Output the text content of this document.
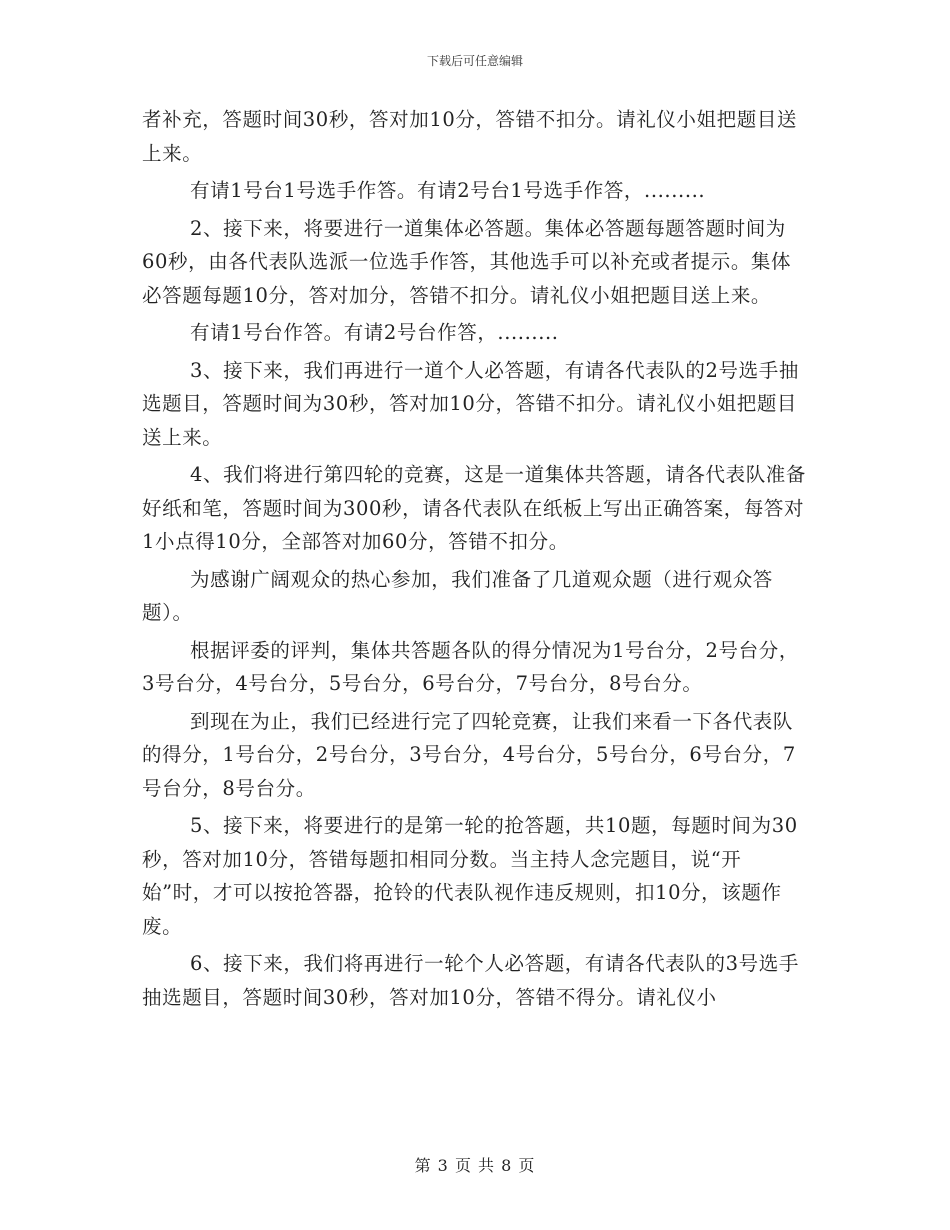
下载后可任意编辑

者补充，答题时间30秒，答对加10分，答错不扣分。请礼仪小姐把题目送上来。

有请1号台1号选手作答。有请2号台1号选手作答，.........

2、接下来，将要进行一道集体必答题。集体必答题每题答题时间为60秒，由各代表队选派一位选手作答，其他选手可以补充或者提示。集体必答题每题10分，答对加分，答错不扣分。请礼仪小姐把题目送上来。

有请1号台作答。有请2号台作答，.........

3、接下来，我们再进行一道个人必答题，有请各代表队的2号选手抽选题目，答题时间为30秒，答对加10分，答错不扣分。请礼仪小姐把题目送上来。

4、我们将进行第四轮的竞赛，这是一道集体共答题，请各代表队准备好纸和笔，答题时间为300秒，请各代表队在纸板上写出正确答案，每答对1小点得10分，全部答对加60分，答错不扣分。

为感谢广阔观众的热心参加，我们准备了几道观众题（进行观众答题）。

根据评委的评判，集体共答题各队的得分情况为1号台分，2号台分，3号台分，4号台分，5号台分，6号台分，7号台分，8号台分。

到现在为止，我们已经进行完了四轮竞赛，让我们来看一下各代表队的得分，1号台分，2号台分，3号台分，4号台分，5号台分，6号台分，7号台分，8号台分。

5、接下来，将要进行的是第一轮的抢答题，共10题，每题时间为30秒，答对加10分，答错每题扣相同分数。当主持人念完题目，说“开始”时，才可以按抢答器，抢铃的代表队视作违反规则，扣10分，该题作废。

6、接下来，我们将再进行一轮个人必答题，有请各代表队的3号选手抽选题目，答题时间30秒，答对加10分，答错不得分。请礼仪小

第 3 页 共 8 页
